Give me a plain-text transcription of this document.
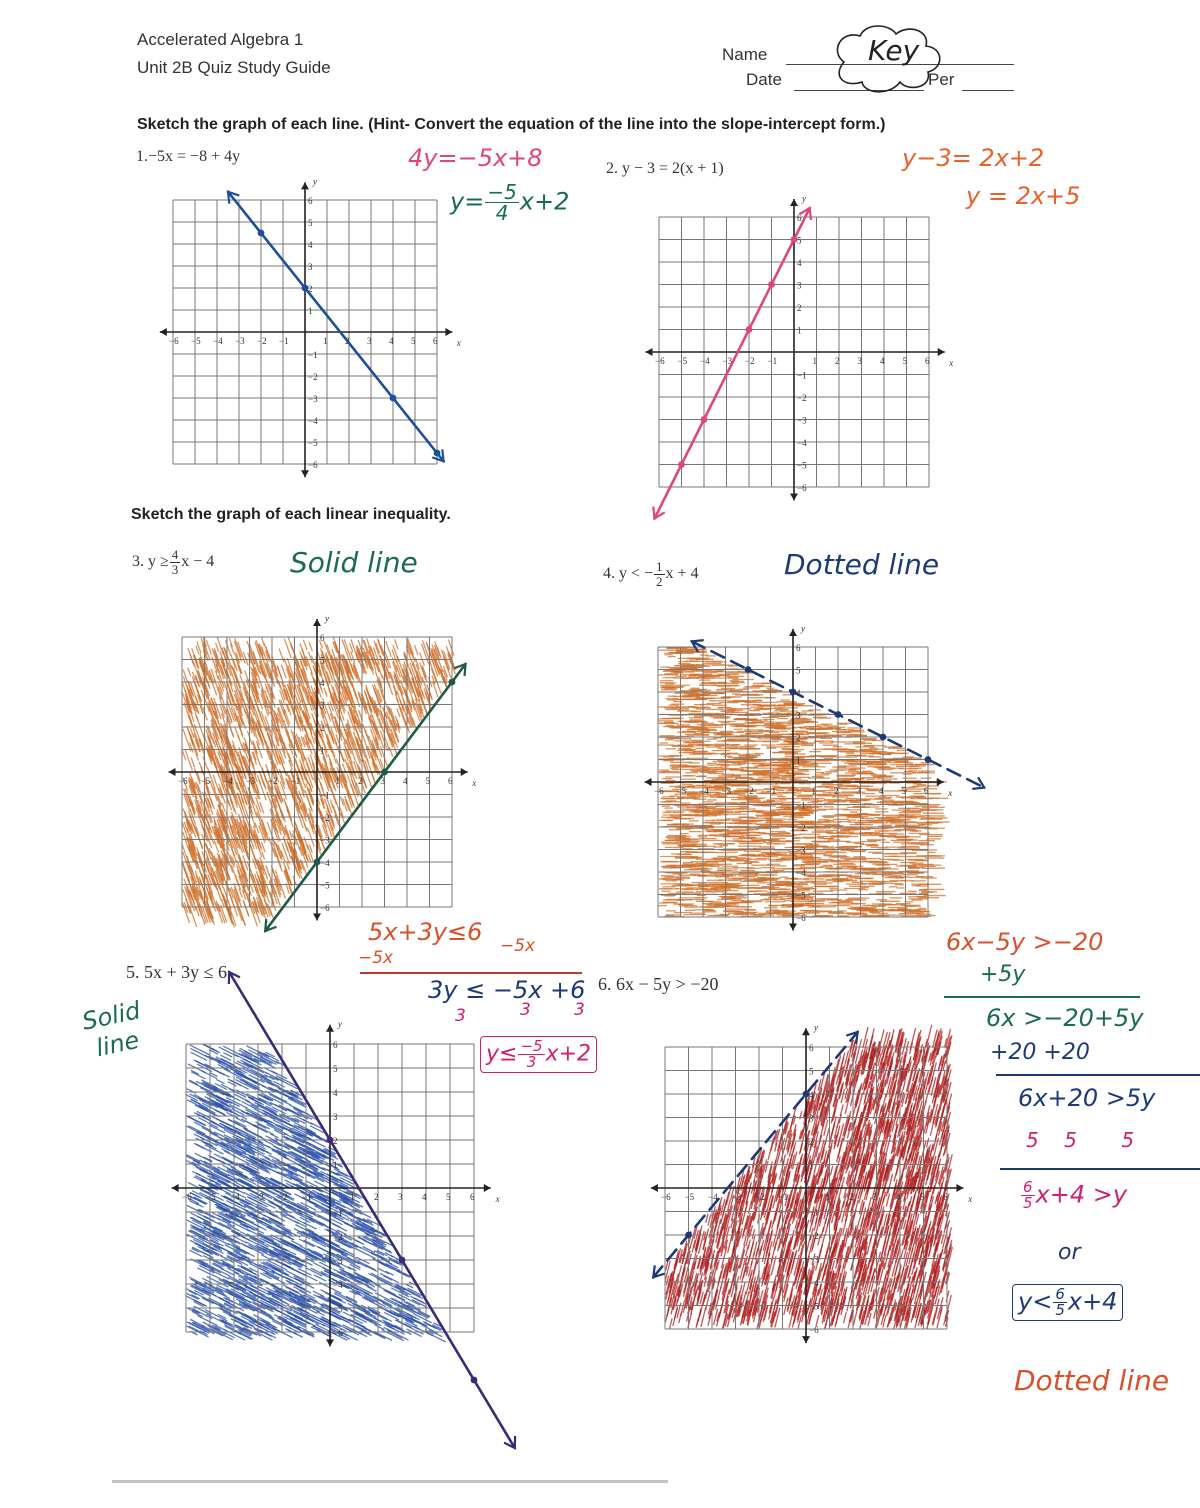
Accelerated Algebra 1
Unit 2B Quiz Study Guide
Name
Date	Per
Key
Sketch the graph of each line. (Hint- Convert the equation of the line into the slope-intercept form.)
1.−5x = −8 + 4y	4y=−5x+8
$y= \frac{-5}{4} x+2$
2. y − 3 = 2(x + 1)	y−3= 2x+2
y = 2x+5
Sketch the graph of each linear inequality.
3. $y \ge \frac{4}{3}$ x − 4	Solid line	4. y < − $\frac{1}{2}$ x + 4	Dotted line
5. 5x + 3y ≤ 6
Solid
line
5x+3y≤6
−5x
−5x
3y ≤ −5x +6
3	3	3
$y\le \frac{-5}{3} x+2$
6. 6x − 5y > −20
6x−5y >−20
+5y
6x >−20+5y
+20 +20
6x+20 >5y
5    5       5
$\frac{6}{5} x+4 >y$
or
$y< \frac{6}{5} x+4$
Dotted line
x
y
−6
−6
−5
−5
−4
−4
−3
−3
−2
−2
−1
−1
1
1
2
3
3
4
4
5
5
6
6
x
y
−6
−6
−5
−5
−4
−4
−3
−3
−2
−2
−1
−1
1
1
2
2
3
3
4
4
5
5
6
6
x
y
−6
−6
−5
−5
−4
−4
−3
−3
−2
−2
−1
−1
1
1
2
2
3
3
4
4
5
5
6
6
x
y
−6
−6
−5
−5
−4
−4
−3
−3
−2
−2
−1
−1
1
1
2
2
3
3
4
4
5
5
6
6
x
y
−6
−6
−5
−5
−4
−4
−3
−3
−2
−2
−1
−1
1
1
2
2
3
3
4
4
5
5
6
6
x
y
−6
−6
−5
−5
−4
−4
−3
−3
−2
−2
−1
−1
1
1
2
2
3
3
4
4
5
5
6
6
